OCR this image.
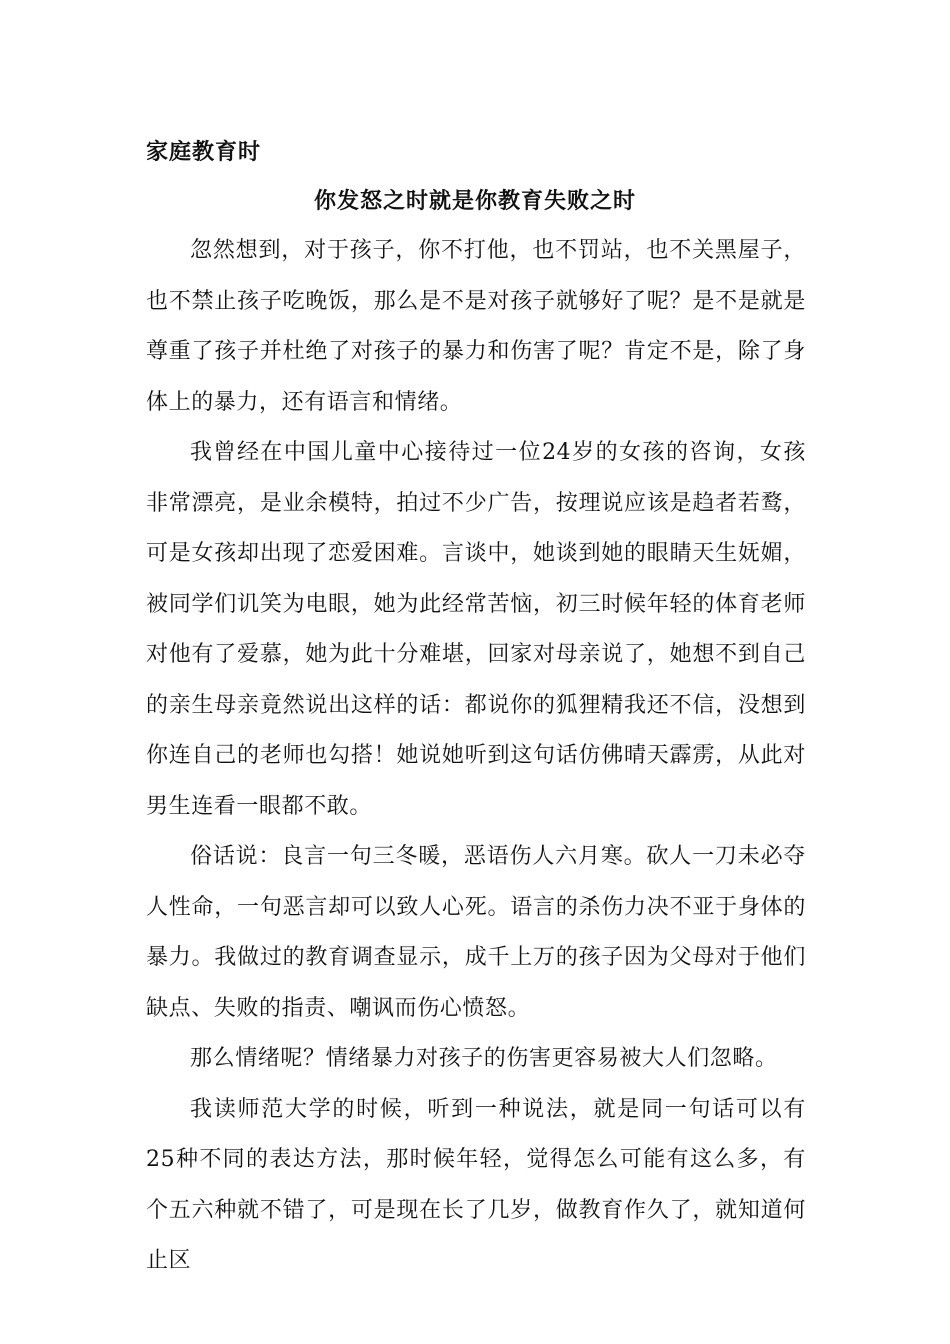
家庭教育时
你发怒之时就是你教育失败之时

忽然想到，对于孩子，你不打他，也不罚站，也不关黑屋子，也不禁止孩子吃晚饭，那么是不是对孩子就够好了呢？是不是就是尊重了孩子并杜绝了对孩子的暴力和伤害了呢？肯定不是，除了身体上的暴力，还有语言和情绪。

我曾经在中国儿童中心接待过一位24岁的女孩的咨询，女孩非常漂亮，是业余模特，拍过不少广告，按理说应该是趋者若鹜，可是女孩却出现了恋爱困难。言谈中，她谈到她的眼睛天生妩媚，被同学们讥笑为电眼，她为此经常苦恼，初三时候年轻的体育老师对他有了爱慕，她为此十分难堪，回家对母亲说了，她想不到自己的亲生母亲竟然说出这样的话：都说你的狐狸精我还不信，没想到你连自己的老师也勾搭！她说她听到这句话仿佛晴天霹雳，从此对男生连看一眼都不敢。

俗话说：良言一句三冬暖，恶语伤人六月寒。砍人一刀未必夺人性命，一句恶言却可以致人心死。语言的杀伤力决不亚于身体的暴力。我做过的教育调查显示，成千上万的孩子因为父母对于他们缺点、失败的指责、嘲讽而伤心愤怒。

那么情绪呢？情绪暴力对孩子的伤害更容易被大人们忽略。

我读师范大学的时候，听到一种说法，就是同一句话可以有25种不同的表达方法，那时候年轻，觉得怎么可能有这么多，有个五六种就不错了，可是现在长了几岁，做教育作久了，就知道何止区
